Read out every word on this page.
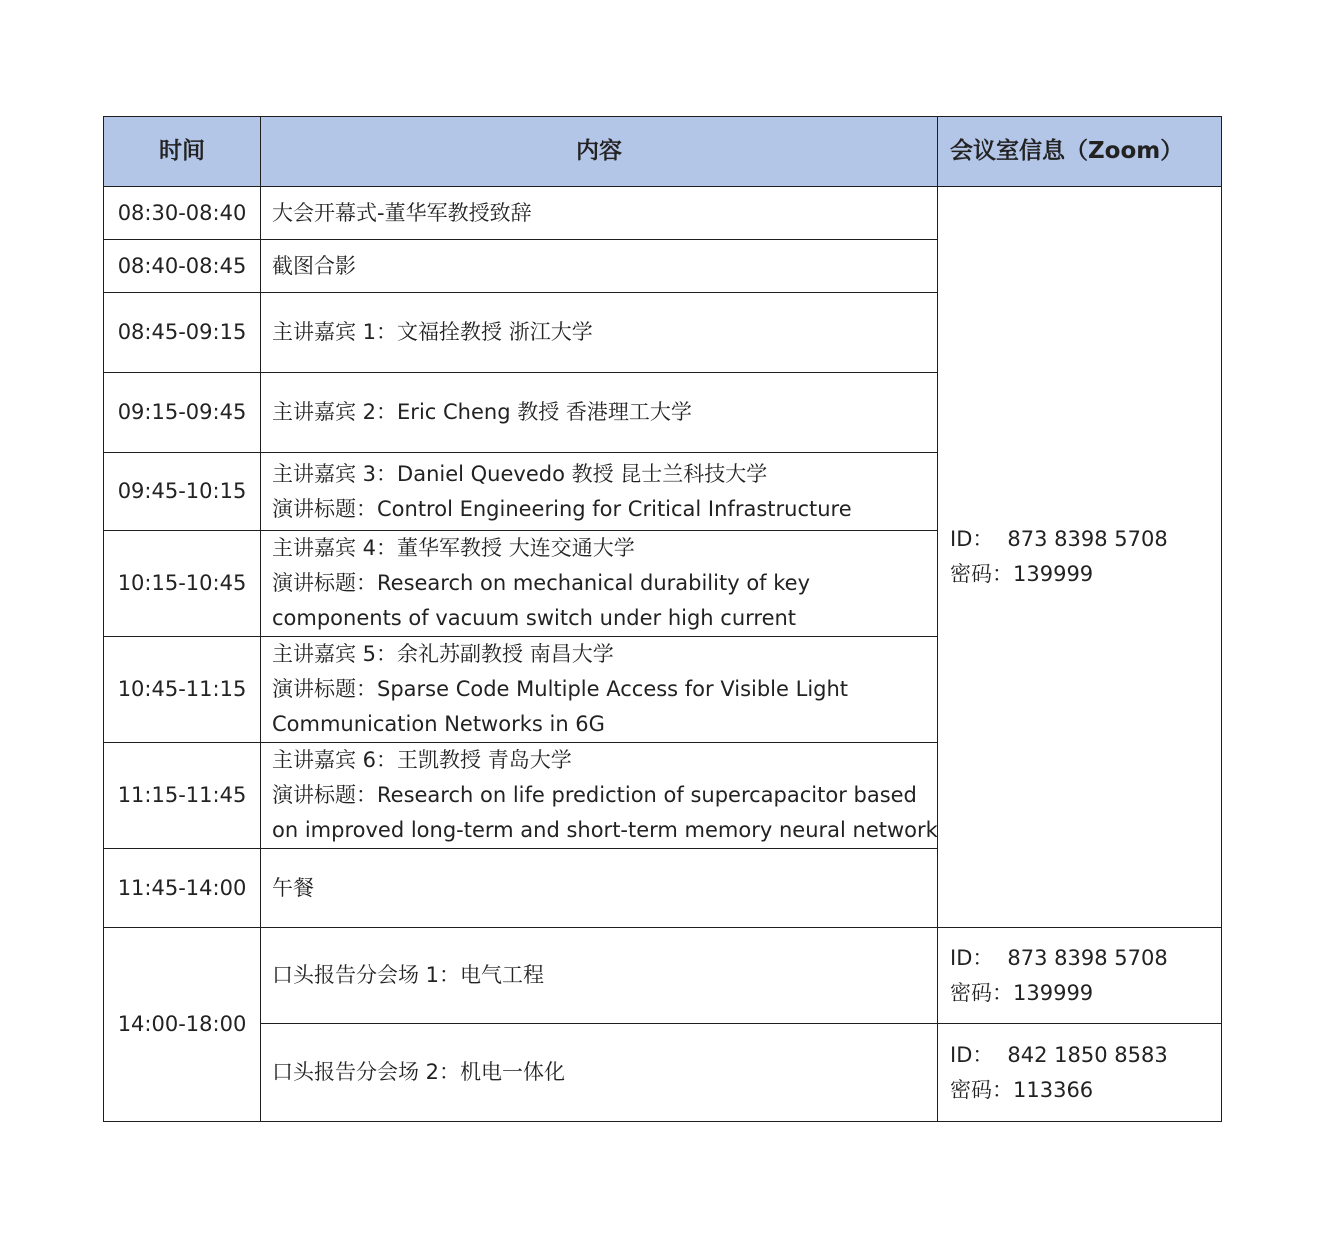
时间	内容	会议室信息（Zoom）
08:30-08:40	大会开幕式-董华军教授致辞	ID： 873 8398 5708
密码：139999

08:40-08:45	截图合影	

08:45-09:15	主讲嘉宾 1：文福拴教授 浙江大学	

09:15-09:45	主讲嘉宾 2：Eric Cheng 教授 香港理工大学	

09:45-10:15	主讲嘉宾 3：Daniel Quevedo 教授 昆士兰科技大学
演讲标题：Control Engineering for Critical Infrastructure	

10:15-10:45	主讲嘉宾 4：董华军教授 大连交通大学
演讲标题：Research on mechanical durability of key
components of vacuum switch under high current	

10:45-11:15	主讲嘉宾 5：余礼苏副教授 南昌大学
演讲标题：Sparse Code Multiple Access for Visible Light
Communication Networks in 6G	

11:15-11:45	主讲嘉宾 6：王凯教授 青岛大学
演讲标题：Research on life prediction of supercapacitor based
on improved long-term and short-term memory neural network	

11:45-14:00	午餐	

14:00-18:00	口头报告分会场 1：电气工程	ID： 873 8398 5708
密码：139999

	口头报告分会场 2：机电一体化	ID： 842 1850 8583
密码：113366
